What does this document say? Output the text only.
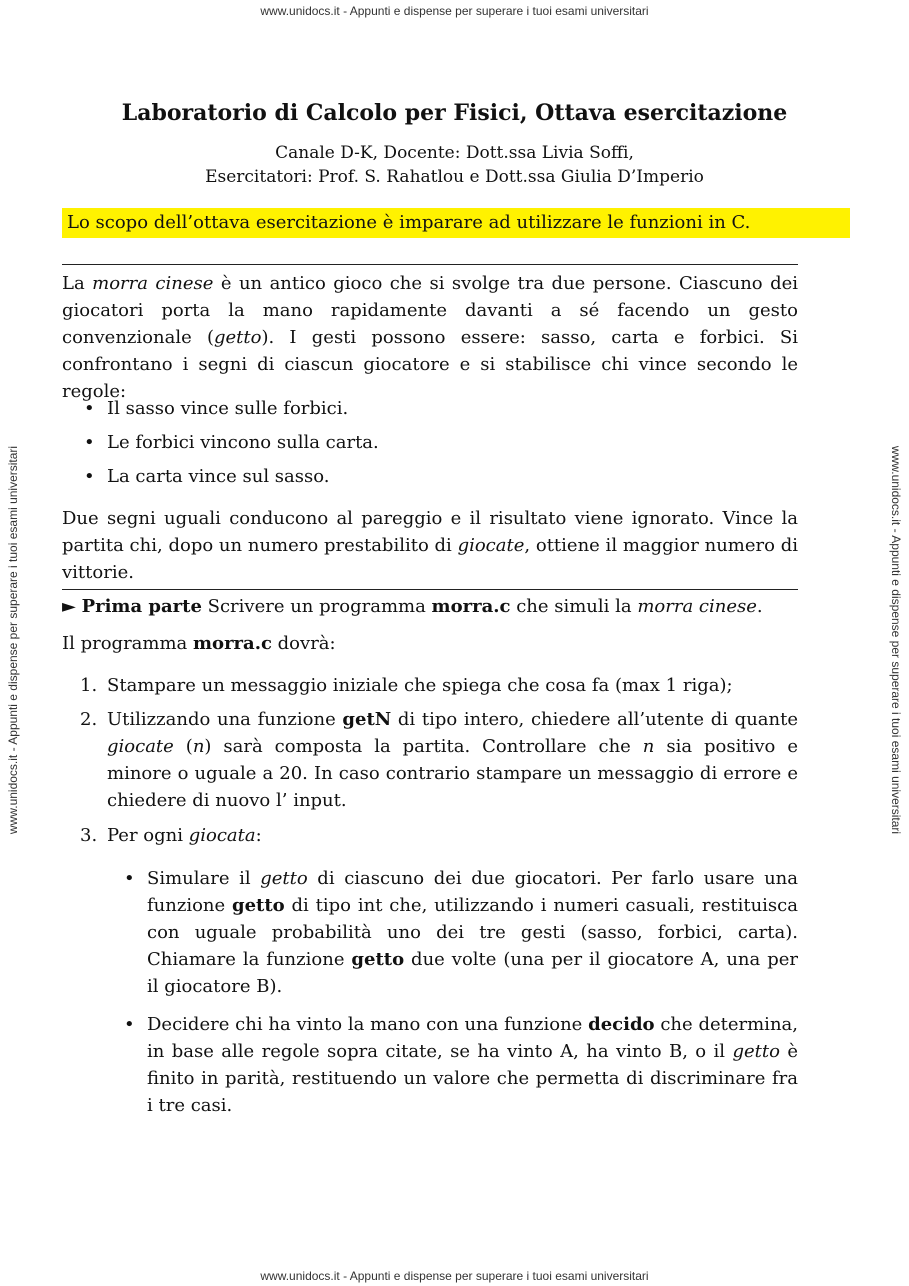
www.unidocs.it - Appunti e dispense per superare i tuoi esami universitari
www.unidocs.it - Appunti e dispense per superare i tuoi esami universitari
www.unidocs.it - Appunti e dispense per superare i tuoi esami universitari	www.unidocs.it - Appunti e dispense per superare i tuoi esami universitari
Laboratorio di Calcolo per Fisici, Ottava esercitazione
Canale D-K, Docente: Dott.ssa Livia Soffi,
Esercitatori: Prof. S. Rahatlou e Dott.ssa Giulia D’Imperio
Lo scopo dell’ottava esercitazione è imparare ad utilizzare le funzioni in C.
La morra cinese è un antico gioco che si svolge tra due persone. Ciascuno dei giocatori porta la mano rapidamente davanti a sé facendo un gesto convenzionale (getto). I gesti possono essere: sasso, carta e forbici. Si confrontano i segni di ciascun giocatore e si stabilisce chi vince secondo le regole:
• Il sasso vince sulle forbici.
• Le forbici vincono sulla carta.
• La carta vince sul sasso.
Due segni uguali conducono al pareggio e il risultato viene ignorato. Vince la partita chi, dopo un numero prestabilito di giocate, ottiene il maggior numero di vittorie.
► Prima parte Scrivere un programma morra.c che simuli la morra cinese.
Il programma morra.c dovrà:
1. Stampare un messaggio iniziale che spiega che cosa fa (max 1 riga);
2. Utilizzando una funzione getN di tipo intero, chiedere all’utente di quante giocate (n) sarà composta la partita. Controllare che n sia positivo e minore o uguale a 20. In caso contrario stampare un messaggio di errore e chiedere di nuovo l’ input.
3. Per ogni giocata:
• Simulare il getto di ciascuno dei due giocatori. Per farlo usare una funzione getto di tipo int che, utilizzando i numeri casuali, restituisca con uguale probabilità uno dei tre gesti (sasso, forbici, carta). Chiamare la funzione getto due volte (una per il giocatore A, una per il giocatore B).
• Decidere chi ha vinto la mano con una funzione decido che determina, in base alle regole sopra citate, se ha vinto A, ha vinto B, o il getto è finito in parità, restituendo un valore che permetta di discriminare fra i tre casi.
